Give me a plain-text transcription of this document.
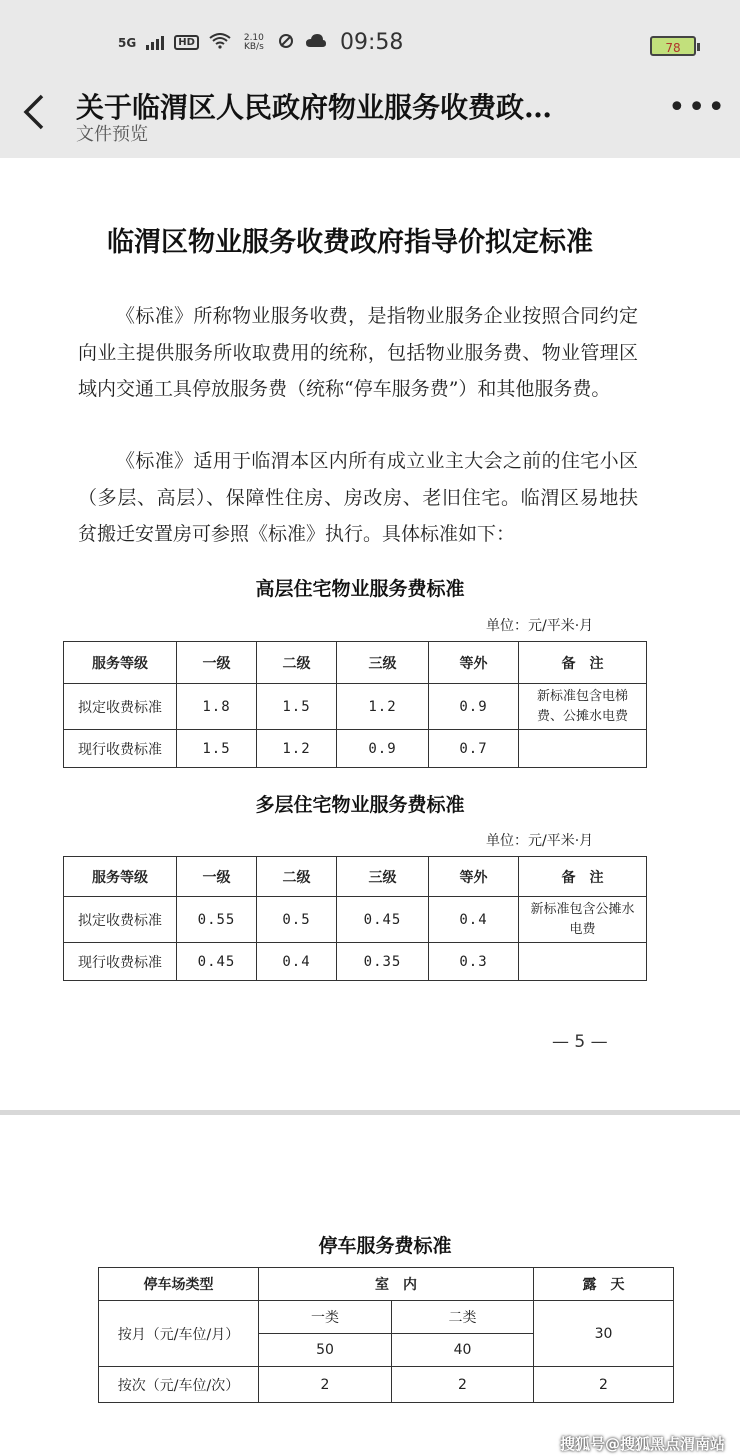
5G	HD	2.10 KB/s	09:58	78
关于临渭区人民政府物业服务收费政…
文件预览
•••
临渭区物业服务收费政府指导价拟定标准

《标准》所称物业服务收费，是指物业服务企业按照合同约定向业主提供服务所收取费用的统称，包括物业服务费、物业管理区域内交通工具停放服务费（统称“停车服务费”）和其他服务费。

《标准》适用于临渭本区内所有成立业主大会之前的住宅小区（多层、高层）、保障性住房、房改房、老旧住宅。临渭区易地扶贫搬迁安置房可参照《标准》执行。具体标准如下：

高层住宅物业服务费标准
单位：元/平米·月
服务等级	一级	二级	三级	等外	备　注
拟定收费标准	1.8	1.5	1.2	0.9	新标准包含电梯费、公摊水电费
现行收费标准	1.5	1.2	0.9	0.7	
多层住宅物业服务费标准
单位：元/平米·月
服务等级	一级	二级	三级	等外	备　注
拟定收费标准	0.55	0.5	0.45	0.4	新标准包含公摊水电费
现行收费标准	0.45	0.4	0.35	0.3	
— 5 —
停车服务费标准
停车场类型	室　内		露　天
按月（元/车位/月）	一类	二类	30
	50	40	
按次（元/车位/次）	2	2	2
搜狐号@搜狐黑点渭南站
